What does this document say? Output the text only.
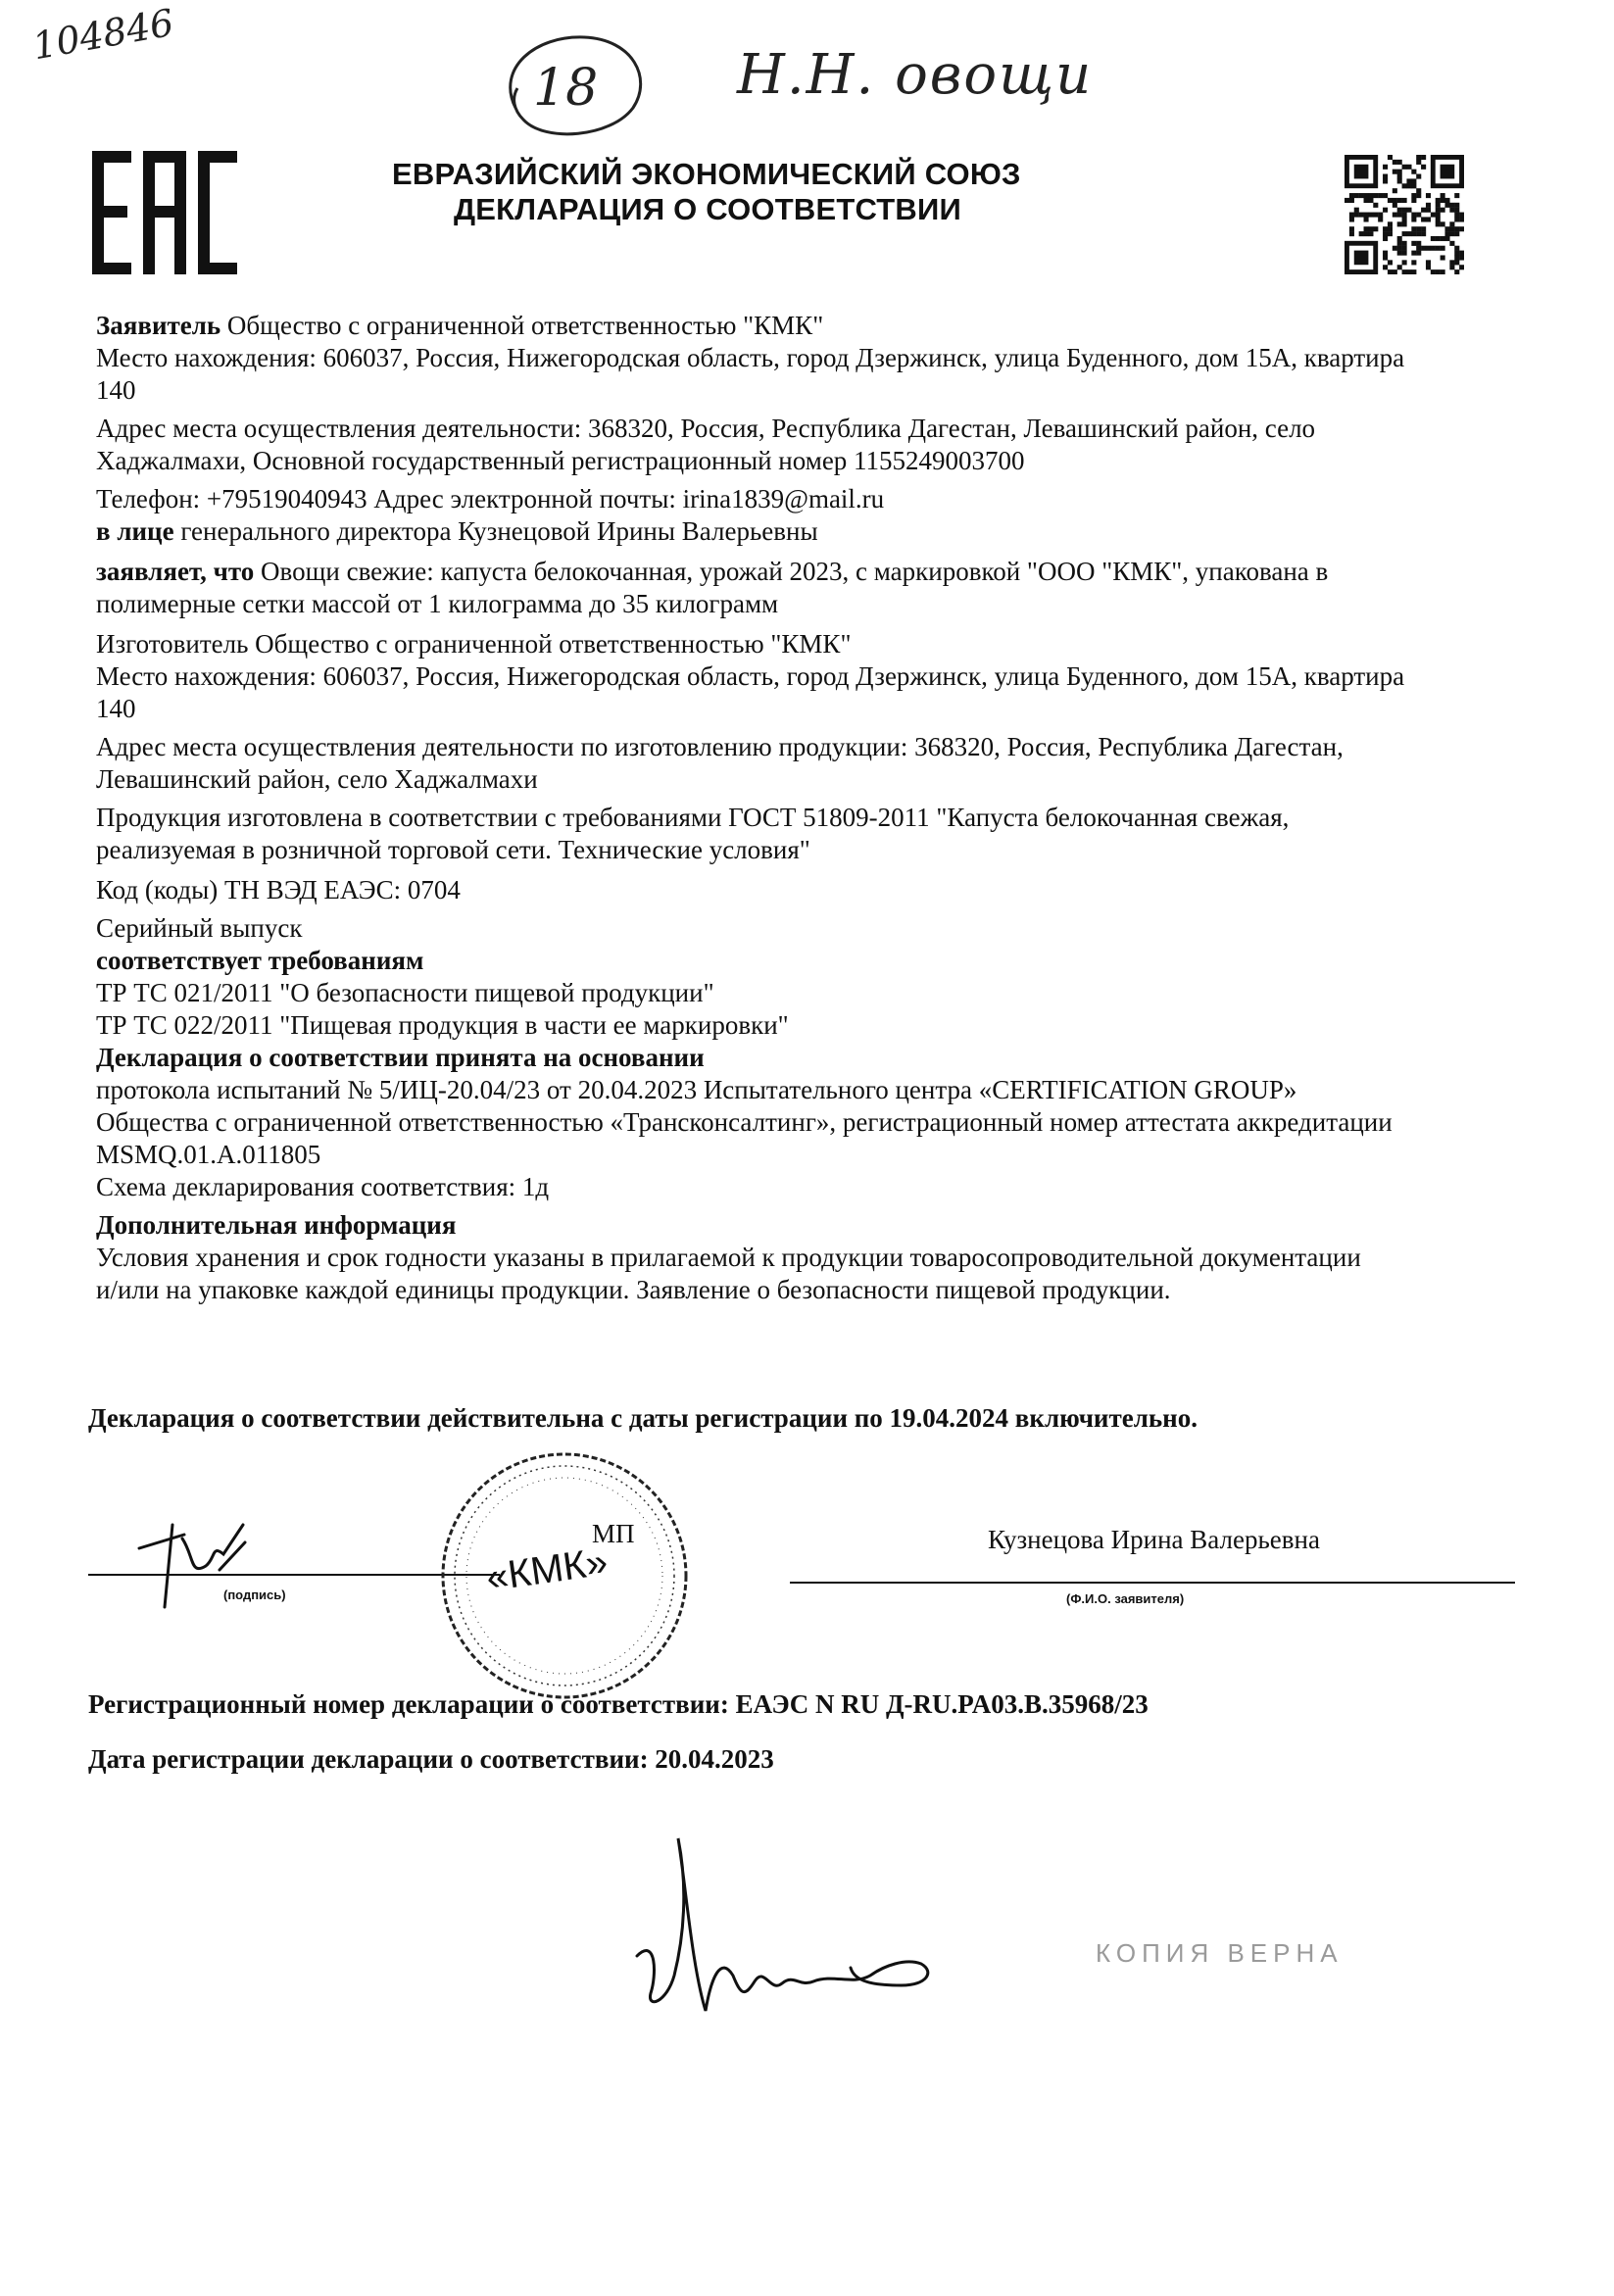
104846
18	Н.Н. овощи
ЕВРАЗИЙСКИЙ ЭКОНОМИЧЕСКИЙ СОЮЗ
ДЕКЛАРАЦИЯ О СООТВЕТСТВИИ

Заявитель Общество с ограниченной ответственностью "КМК"

Место нахождения: 606037, Россия, Нижегородская область, город Дзержинск, улица Буденного, дом 15А, квартира

140

Адрес места осуществления деятельности: 368320, Россия, Республика Дагестан, Левашинский район, село

Хаджалмахи, Основной государственный регистрационный номер 1155249003700

Телефон: +79519040943 Адрес электронной почты: irina1839@mail.ru

в лице генерального директора Кузнецовой Ирины Валерьевны

заявляет, что Овощи свежие: капуста белокочанная, урожай 2023, с маркировкой "ООО "КМК", упакована в

полимерные сетки массой от 1 килограмма до 35 килограмм

Изготовитель Общество с ограниченной ответственностью "КМК"

Место нахождения: 606037, Россия, Нижегородская область, город Дзержинск, улица Буденного, дом 15А, квартира

140

Адрес места осуществления деятельности по изготовлению продукции: 368320, Россия, Республика Дагестан,

Левашинский район, село Хаджалмахи

Продукция изготовлена в соответствии с требованиями ГОСТ 51809-2011 "Капуста белокочанная свежая,

реализуемая в розничной торговой сети. Технические условия"

Код (коды) ТН ВЭД ЕАЭС: 0704

Серийный выпуск

соответствует требованиям

ТР ТС 021/2011 "О безопасности пищевой продукции"

ТР ТС 022/2011 "Пищевая продукция в части ее маркировки"

Декларация о соответствии принята на основании

протокола испытаний № 5/ИЦ-20.04/23 от 20.04.2023 Испытательного центра «CERTIFICATION GROUP»

Общества с ограниченной ответственностью «Трансконсалтинг», регистрационный номер аттестата аккредитации

MSMQ.01.A.011805

Схема декларирования соответствия: 1д

Дополнительная информация

Условия хранения и срок годности указаны в прилагаемой к продукции товаросопроводительной документации

и/или на упаковке каждой единицы продукции. Заявление о безопасности пищевой продукции.

Декларация о соответствии действительна с даты регистрации по 19.04.2024 включительно.
(подпись)	«КМК»
МП	Кузнецова Ирина Валерьевна
(Ф.И.О. заявителя)
Регистрационный номер декларации о соответствии: ЕАЭС N RU Д-RU.PA03.B.35968/23
Дата регистрации декларации о соответствии: 20.04.2023
КОПИЯ ВЕРНА
